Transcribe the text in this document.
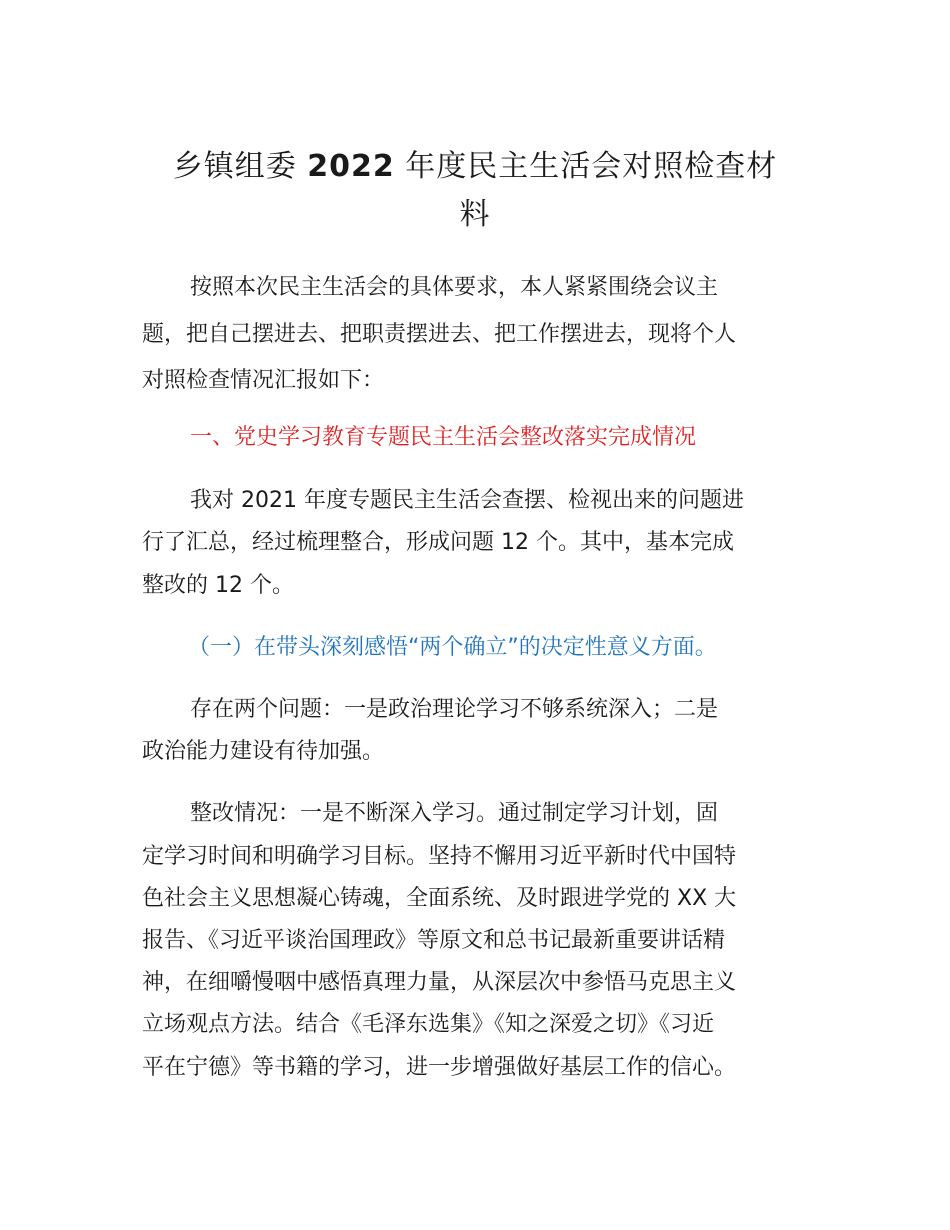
乡镇组委 2022 年度民主生活会对照检查材
料
按照本次民主生活会的具体要求，本人紧紧围绕会议主
题，把自己摆进去、把职责摆进去、把工作摆进去，现将个人
对照检查情况汇报如下：
一、党史学习教育专题民主生活会整改落实完成情况
我对 2021 年度专题民主生活会查摆、检视出来的问题进
行了汇总，经过梳理整合，形成问题 12 个。其中，基本完成
整改的 12 个。
（一）在带头深刻感悟“两个确立”的决定性意义方面。
存在两个问题：一是政治理论学习不够系统深入；二是
政治能力建设有待加强。
整改情况：一是不断深入学习。通过制定学习计划，固
定学习时间和明确学习目标。坚持不懈用习近平新时代中国特
色社会主义思想凝心铸魂，全面系统、及时跟进学党的 XX 大
报告、《习近平谈治国理政》等原文和总书记最新重要讲话精
神，在细嚼慢咽中感悟真理力量，从深层次中参悟马克思主义
立场观点方法。结合《毛泽东选集》《知之深爱之切》《习近
平在宁德》等书籍的学习，进一步增强做好基层工作的信心。
